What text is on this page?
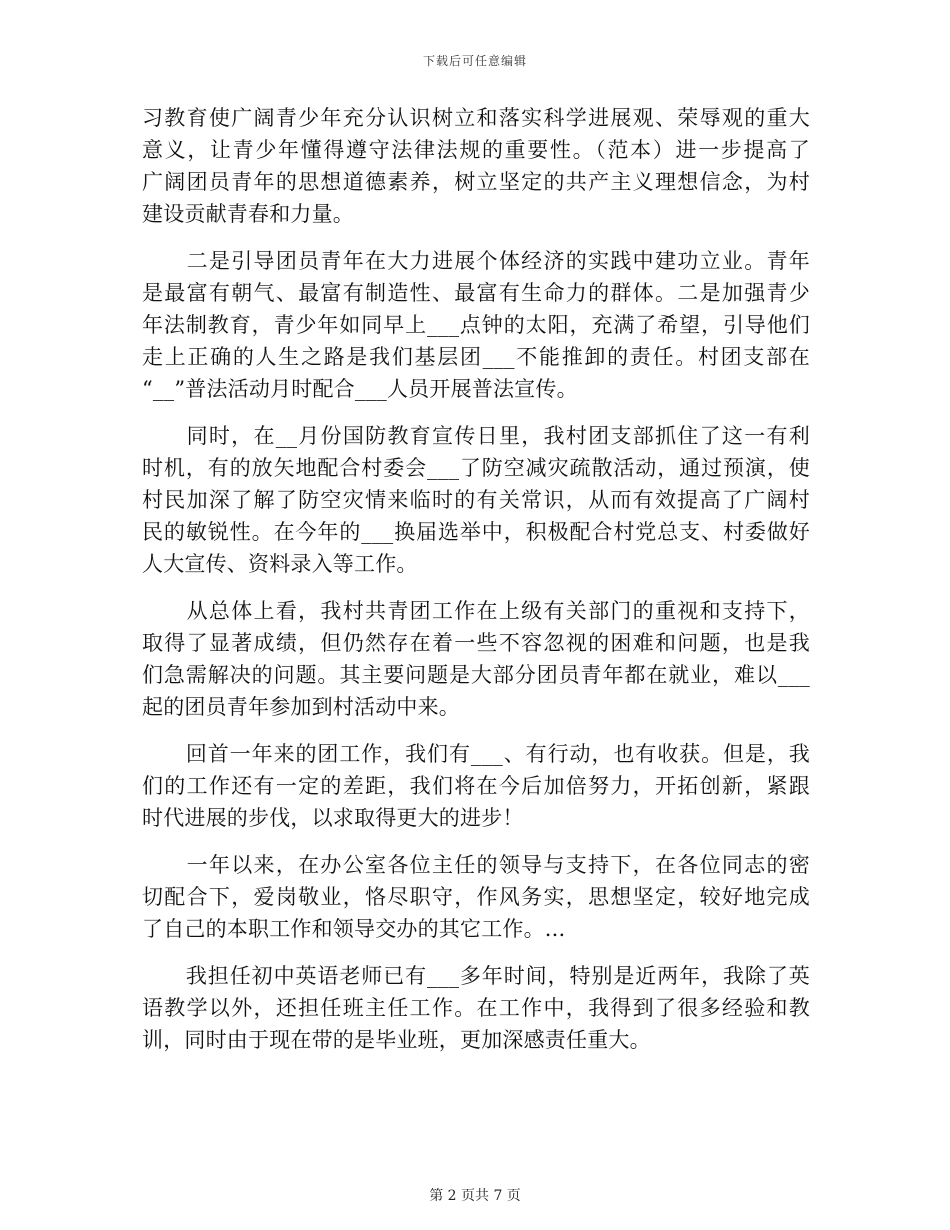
下载后可任意编辑
习教育使广阔青少年充分认识树立和落实科学进展观、荣辱观的重大
意义，让青少年懂得遵守法律法规的重要性。（范本）进一步提高了
广阔团员青年的思想道德素养，树立坚定的共产主义理想信念，为村
建设贡献青春和力量。
　　二是引导团员青年在大力进展个体经济的实践中建功立业。青年
是最富有朝气、最富有制造性、最富有生命力的群体。二是加强青少
年法制教育，青少年如同早上___点钟的太阳，充满了希望，引导他们
走上正确的人生之路是我们基层团___不能推卸的责任。村团支部在
“__”普法活动月时配合___人员开展普法宣传。
　　同时，在__月份国防教育宣传日里，我村团支部抓住了这一有利
时机，有的放矢地配合村委会___了防空减灾疏散活动，通过预演，使
村民加深了解了防空灾情来临时的有关常识，从而有效提高了广阔村
民的敏锐性。在今年的___换届选举中，积极配合村党总支、村委做好
人大宣传、资料录入等工作。
　　从总体上看，我村共青团工作在上级有关部门的重视和支持下，
取得了显著成绩，但仍然存在着一些不容忽视的困难和问题，也是我
们急需解决的问题。其主要问题是大部分团员青年都在就业，难以___
起的团员青年参加到村活动中来。
　　回首一年来的团工作，我们有___、有行动，也有收获。但是，我
们的工作还有一定的差距，我们将在今后加倍努力，开拓创新，紧跟
时代进展的步伐，以求取得更大的进步！
　　一年以来，在办公室各位主任的领导与支持下，在各位同志的密
切配合下，爱岗敬业，恪尽职守，作风务实，思想坚定，较好地完成
了自己的本职工作和领导交办的其它工作。...
　　我担任初中英语老师已有___多年时间，特别是近两年，我除了英
语教学以外，还担任班主任工作。在工作中，我得到了很多经验和教
训，同时由于现在带的是毕业班，更加深感责任重大。
第 2 页共 7 页
